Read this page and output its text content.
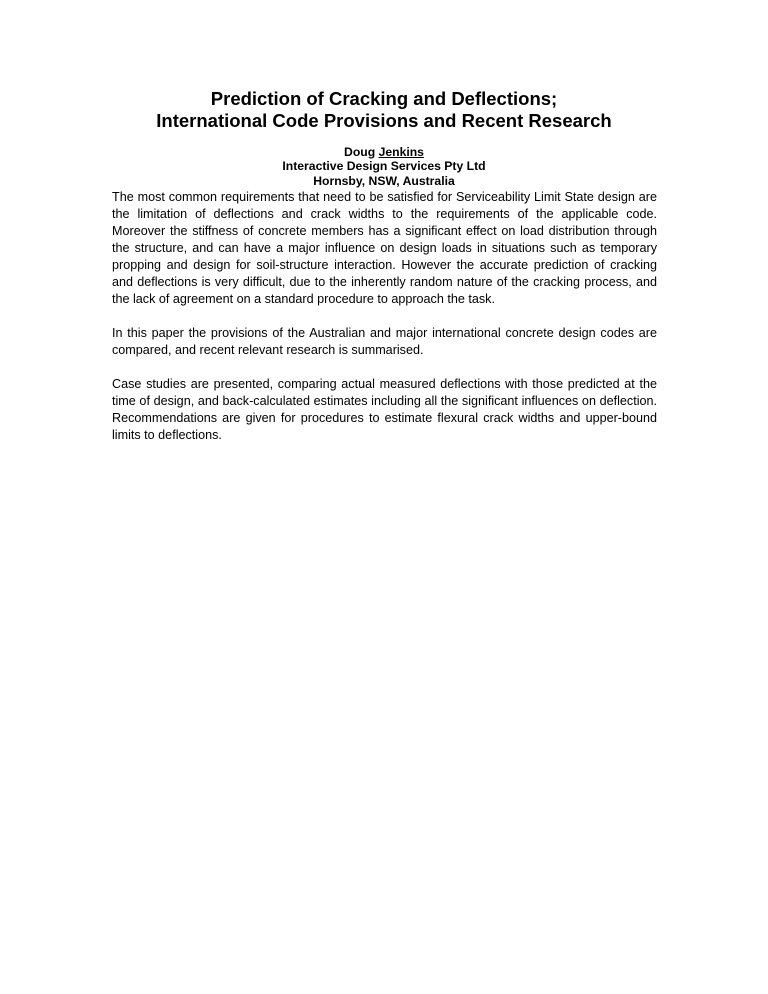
Prediction of Cracking and Deflections;
International Code Provisions and Recent Research
Doug Jenkins
Interactive Design Services Pty Ltd
Hornsby, NSW, Australia

The most common requirements that need to be satisfied for Serviceability Limit State design are
the limitation of deflections and crack widths to the requirements of the applicable code.
Moreover the stiffness of concrete members has a significant effect on load distribution through
the structure, and can have a major influence on design loads in situations such as temporary
propping and design for soil-structure interaction. However the accurate prediction of cracking
and deflections is very difficult, due to the inherently random nature of the cracking process, and
the lack of agreement on a standard procedure to approach the task.

In this paper the provisions of the Australian and major international concrete design codes are
compared, and recent relevant research is summarised.

Case studies are presented, comparing actual measured deflections with those predicted at the
time of design, and back-calculated estimates including all the significant influences on deflection.
Recommendations are given for procedures to estimate flexural crack widths and upper-bound
limits to deflections.
